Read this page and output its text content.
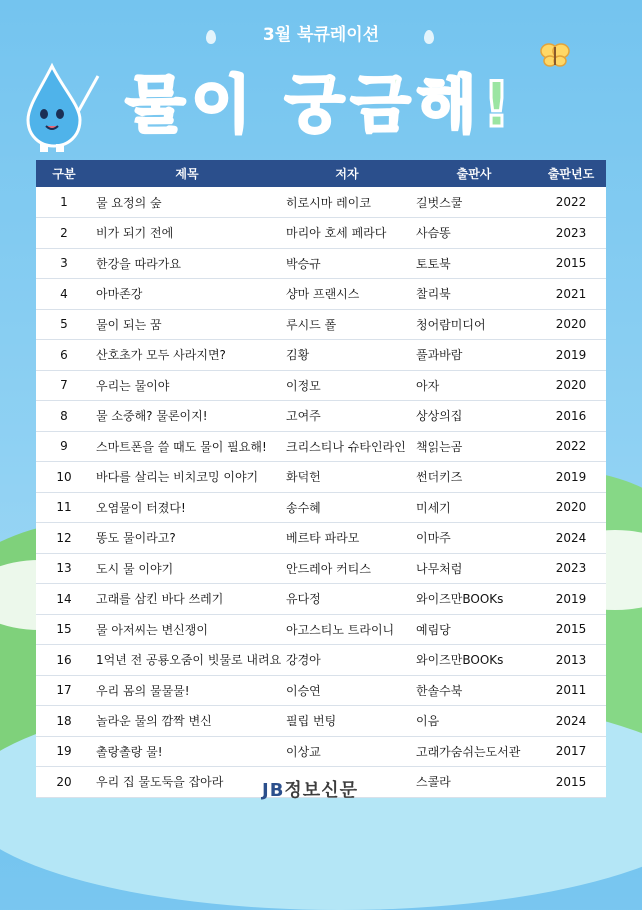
3월 북큐레이션
물이 궁금해!
구분	제목	저자	출판사	출판년도
1	물 요정의 숲	히로시마 레이코	길벗스쿨	2022
2	비가 되기 전에	마리아 호세 페라다	사슴똥	2023
3	한강을 따라가요	박승규	토토북	2015
4	아마존강	샹마 프랜시스	찰리북	2021
5	물이 되는 꿈	루시드 폴	청어람미디어	2020
6	산호초가 모두 사라지면?	김황	풀과바람	2019
7	우리는 물이야	이정모	아자	2020
8	물 소중해? 물론이지!	고여주	상상의집	2016
9	스마트폰을 쓸 때도 물이 필요해!	크리스티나 슈타인라인	책읽는곰	2022
10	바다를 살리는 비치코밍 이야기	화덕헌	썬더키즈	2019
11	오염물이 터졌다!	송수혜	미세기	2020
12	똥도 물이라고?	베르타 파라모	이마주	2024
13	도시 물 이야기	안드레아 커티스	나무처럼	2023
14	고래를 삼킨 바다 쓰레기	유다정	와이즈만BOOKs	2019
15	물 아저씨는 변신쟁이	아고스티노 트라이니	예림당	2015
16	1억년 전 공룡오줌이 빗물로 내려요	강경아	와이즈만BOOKs	2013
17	우리 몸의 물물물!	이승연	한솔수북	2011
18	놀라운 물의 깜짝 변신	필립 번팅	이음	2024
19	촐랑촐랑 물!	이상교	고래가숨쉬는도서관	2017
20	우리 집 물도둑을 잡아라		스콜라	2015
JB정보신문
